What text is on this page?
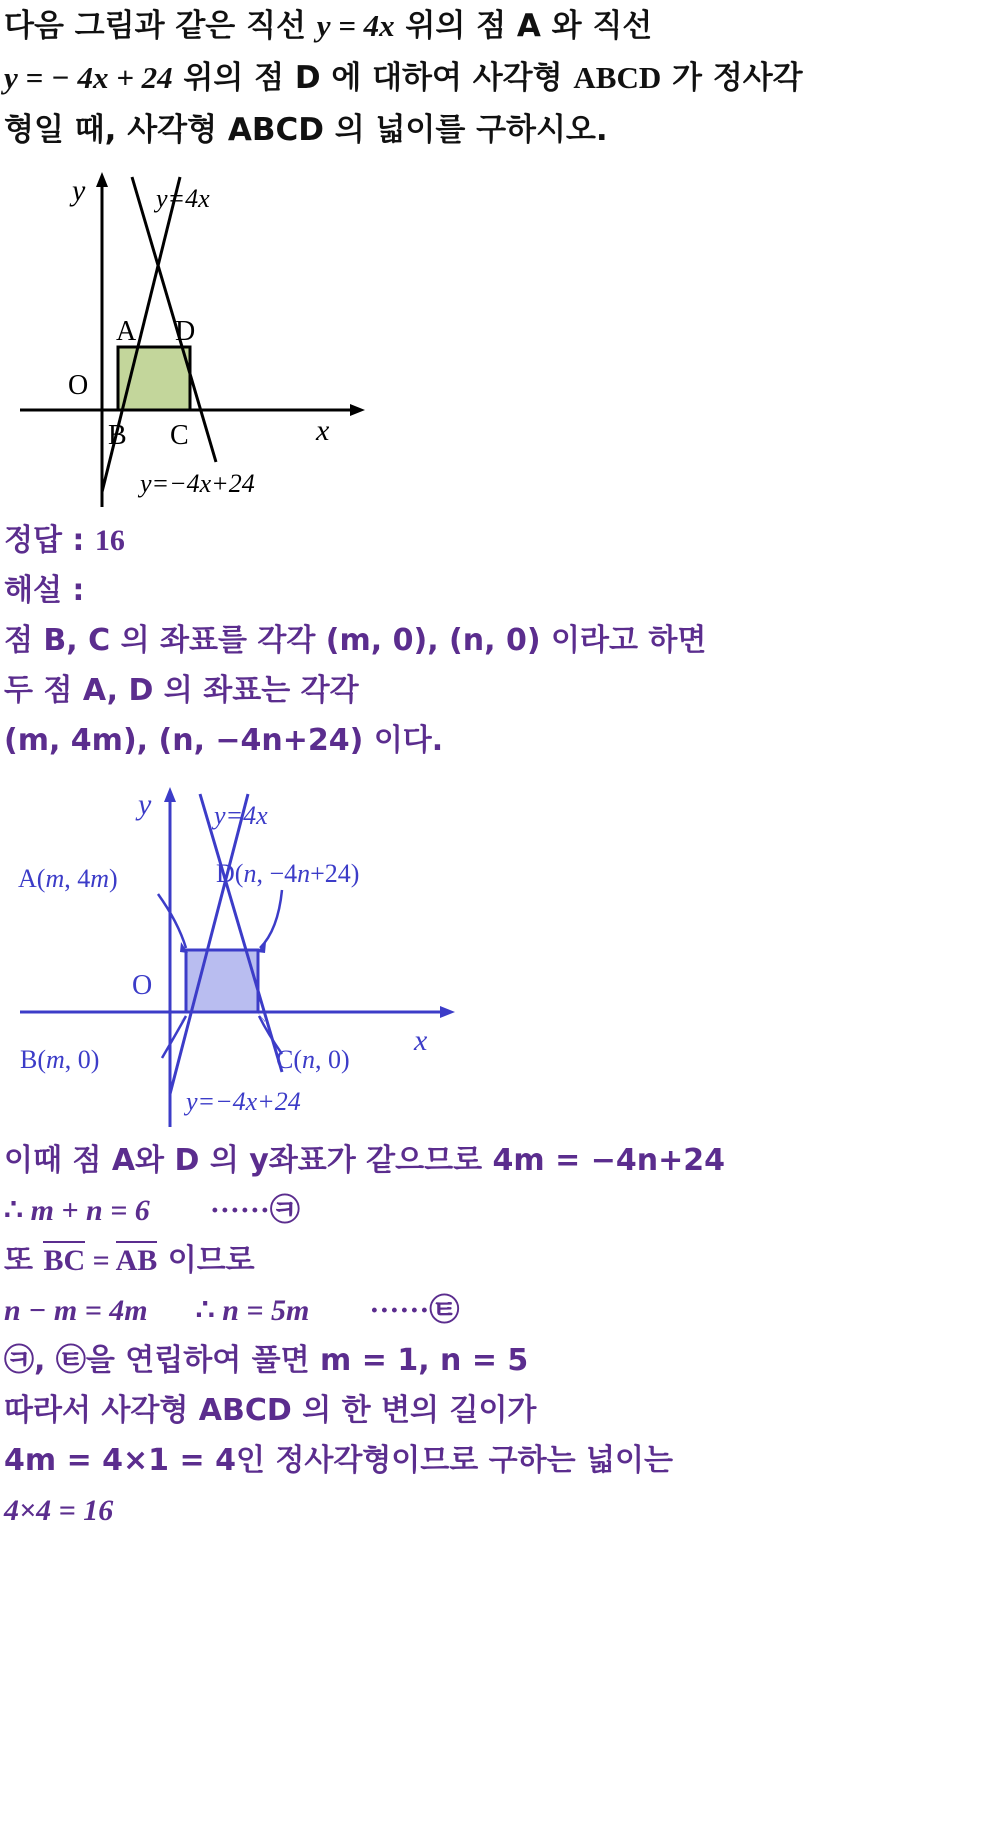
다음 그림과 같은 직선 y = 4x 위의 점 A 와 직선
y = − 4x + 24 위의 점 D 에 대하여 사각형 ABCD 가 정사각
형일 때, 사각형 ABCD 의 넓이를 구하시오.
y
x
O
y=4x
y=−4x+24
A D
B C
정답 : 16
해설 :
점 B, C 의 좌표를 각각 (m, 0), (n, 0) 이라고 하면
두 점 A, D 의 좌표는 각각
(m, 4m), (n, −4n+24) 이다.
y
x
O
y=4x
y=−4x+24
A(m, 4m)	D(n, −4n+24)
B(m, 0)	C(n, 0)
이때 점 A와 D 의 y좌표가 같으므로 4m = −4n+24
∴ m + n = 6 ······㉪
또 BC = AB 이므로
n − m = 4m ∴ n = 5m ······㉫
㉪, ㉫을 연립하여 풀면 m = 1, n = 5
따라서 사각형 ABCD 의 한 변의 길이가
4m = 4×1 = 4인 정사각형이므로 구하는 넓이는
4×4 = 16
